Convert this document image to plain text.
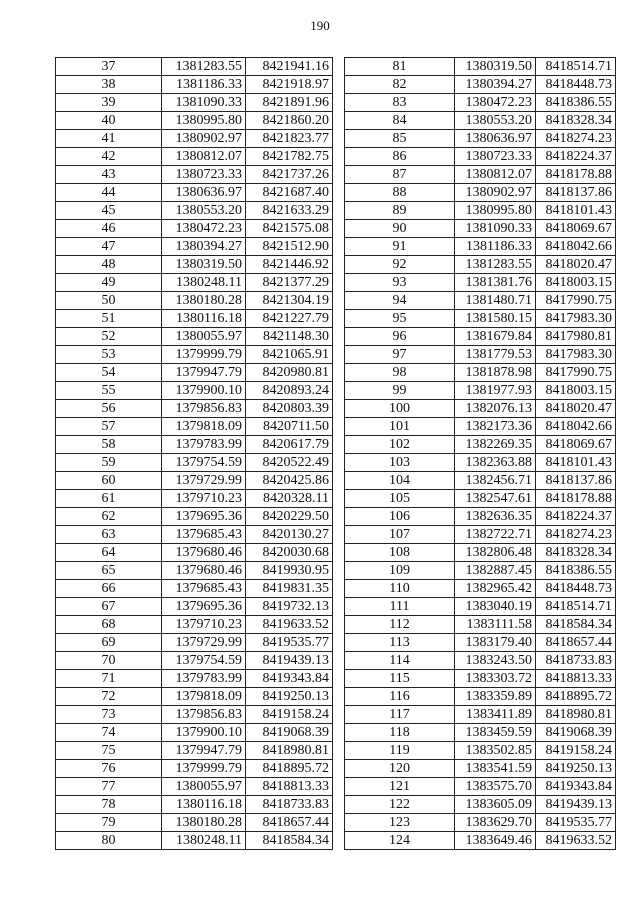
190
37	1381283.55	8421941.16
38	1381186.33	8421918.97
39	1381090.33	8421891.96
40	1380995.80	8421860.20
41	1380902.97	8421823.77
42	1380812.07	8421782.75
43	1380723.33	8421737.26
44	1380636.97	8421687.40
45	1380553.20	8421633.29
46	1380472.23	8421575.08
47	1380394.27	8421512.90
48	1380319.50	8421446.92
49	1380248.11	8421377.29
50	1380180.28	8421304.19
51	1380116.18	8421227.79
52	1380055.97	8421148.30
53	1379999.79	8421065.91
54	1379947.79	8420980.81
55	1379900.10	8420893.24
56	1379856.83	8420803.39
57	1379818.09	8420711.50
58	1379783.99	8420617.79
59	1379754.59	8420522.49
60	1379729.99	8420425.86
61	1379710.23	8420328.11
62	1379695.36	8420229.50
63	1379685.43	8420130.27
64	1379680.46	8420030.68
65	1379680.46	8419930.95
66	1379685.43	8419831.35
67	1379695.36	8419732.13
68	1379710.23	8419633.52
69	1379729.99	8419535.77
70	1379754.59	8419439.13
71	1379783.99	8419343.84
72	1379818.09	8419250.13
73	1379856.83	8419158.24
74	1379900.10	8419068.39
75	1379947.79	8418980.81
76	1379999.79	8418895.72
77	1380055.97	8418813.33
78	1380116.18	8418733.83
79	1380180.28	8418657.44
80	1380248.11	8418584.34
81	1380319.50	8418514.71
82	1380394.27	8418448.73
83	1380472.23	8418386.55
84	1380553.20	8418328.34
85	1380636.97	8418274.23
86	1380723.33	8418224.37
87	1380812.07	8418178.88
88	1380902.97	8418137.86
89	1380995.80	8418101.43
90	1381090.33	8418069.67
91	1381186.33	8418042.66
92	1381283.55	8418020.47
93	1381381.76	8418003.15
94	1381480.71	8417990.75
95	1381580.15	8417983.30
96	1381679.84	8417980.81
97	1381779.53	8417983.30
98	1381878.98	8417990.75
99	1381977.93	8418003.15
100	1382076.13	8418020.47
101	1382173.36	8418042.66
102	1382269.35	8418069.67
103	1382363.88	8418101.43
104	1382456.71	8418137.86
105	1382547.61	8418178.88
106	1382636.35	8418224.37
107	1382722.71	8418274.23
108	1382806.48	8418328.34
109	1382887.45	8418386.55
110	1382965.42	8418448.73
111	1383040.19	8418514.71
112	1383111.58	8418584.34
113	1383179.40	8418657.44
114	1383243.50	8418733.83
115	1383303.72	8418813.33
116	1383359.89	8418895.72
117	1383411.89	8418980.81
118	1383459.59	8419068.39
119	1383502.85	8419158.24
120	1383541.59	8419250.13
121	1383575.70	8419343.84
122	1383605.09	8419439.13
123	1383629.70	8419535.77
124	1383649.46	8419633.52
